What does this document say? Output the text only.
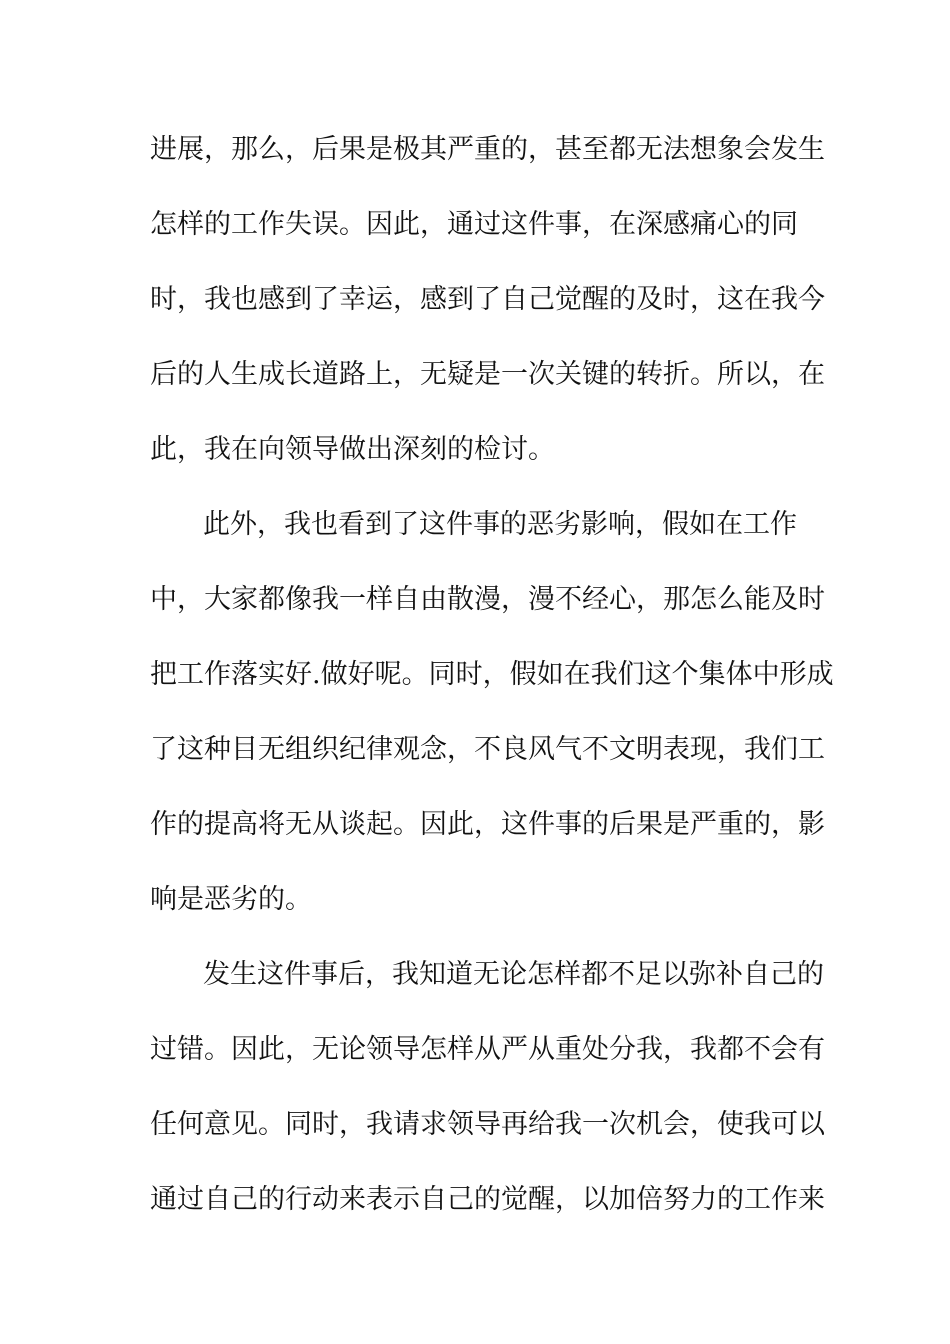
进展，那么，后果是极其严重的，甚至都无法想象会发生
怎样的工作失误。因此，通过这件事，在深感痛心的同
时，我也感到了幸运，感到了自己觉醒的及时，这在我今
后的人生成长道路上，无疑是一次关键的转折。所以，在
此，我在向领导做出深刻的检讨。
此外，我也看到了这件事的恶劣影响，假如在工作
中，大家都像我一样自由散漫，漫不经心，那怎么能及时
把工作落实好.做好呢。同时，假如在我们这个集体中形成
了这种目无组织纪律观念，不良风气不文明表现，我们工
作的提高将无从谈起。因此，这件事的后果是严重的，影
响是恶劣的。
发生这件事后，我知道无论怎样都不足以弥补自己的
过错。因此，无论领导怎样从严从重处分我，我都不会有
任何意见。同时，我请求领导再给我一次机会，使我可以
通过自己的行动来表示自己的觉醒，以加倍努力的工作来
